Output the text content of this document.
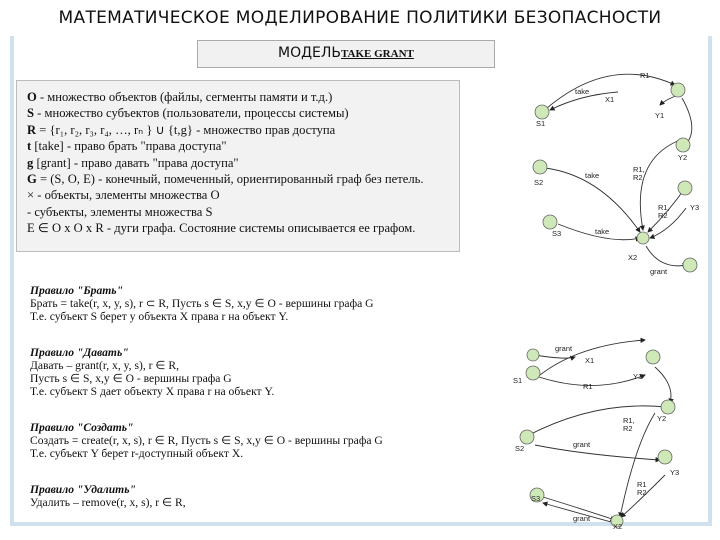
МАТЕМАТИЧЕСКОЕ МОДЕЛИРОВАНИЕ ПОЛИТИКИ БЕЗОПАСНОСТИ
МОДЕЛЬTAKE GRANT
O - множество объектов (файлы, сегменты памяти и т.д.)
S - множество субъектов (пользователи, процессы системы)
R = {r₁, r₂, r₃, r₄, …, rₙ } ∪ {t,g} - множество прав доступа
t [take] - право брать "права доступа"
g [grant] - право давать "права доступа"
G = (S, O, E) - конечный, помеченный, ориентированный граф без петель.
× - объекты, элементы множества O
- субъекты, элементы множества S
E ∈ O x O x R - дуги графа. Состояние системы описывается ее графом.
Правило "Брать"
Брать = take(r, x, y, s), r ⊂ R, Пусть s ∈ S, x,y ∈ O - вершины графа G
Т.е. субъект S берет у объекта X права r на объект Y.
Правило "Давать"
Давать – grant(r, x, y, s), r ∈ R,
Пусть s ∈ S, x,y ∈ O - вершины графа G
Т.е. субъект S дает объекту X права r на объект Y.
Правило "Создать"
Создать = create(r, x, s), r ∈ R, Пусть s ∈ S, x,y ∈ O - вершины графа G
Т.е. субъект Y берет r-доступный объект X.
Правило "Удалить"
Удалить – remove(r, x, s), r ∈ R,
R1
take
X1
S1
Y1
Y2
S2
take
R1,
R2
S3	take
R1,
R2
Y3
X2
grant
grant
X1
S1	Y1
R1
Y2
R1,
R2
S2	grant
Y3
R1
R2
S3
grant
X2
